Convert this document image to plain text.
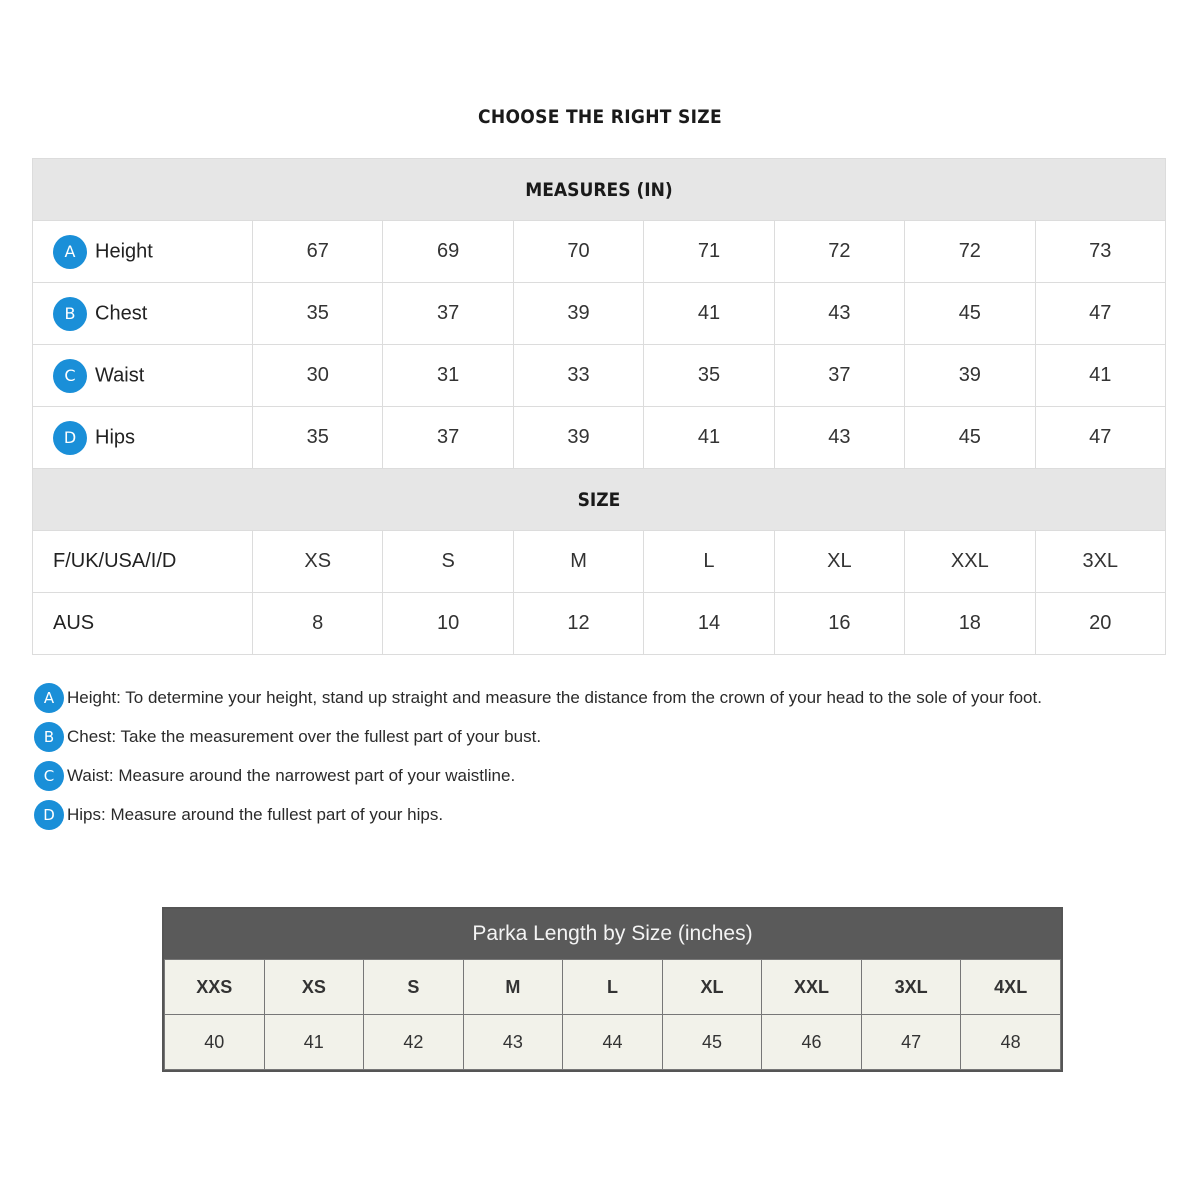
CHOOSE THE RIGHT SIZE
MEASURES (IN)							
A Height	67	69	70	71	72	72	73
B Chest	35	37	39	41	43	45	47
C Waist	30	31	33	35	37	39	41
D Hips	35	37	39	41	43	45	47
SIZE							
F/UK/USA/I/D	XS	S	M	L	XL	XXL	3XL
AUS	8	10	12	14	16	18	20
A Height: To determine your height, stand up straight and measure the distance from the crown of your head to the sole of your foot.
B Chest: Take the measurement over the fullest part of your bust.
C Waist: Measure around the narrowest part of your waistline.
D Hips: Measure around the fullest part of your hips.
Parka Length by Size (inches)
XXS	XS	S	M	L	XL	XXL	3XL	4XL
40	41	42	43	44	45	46	47	48
